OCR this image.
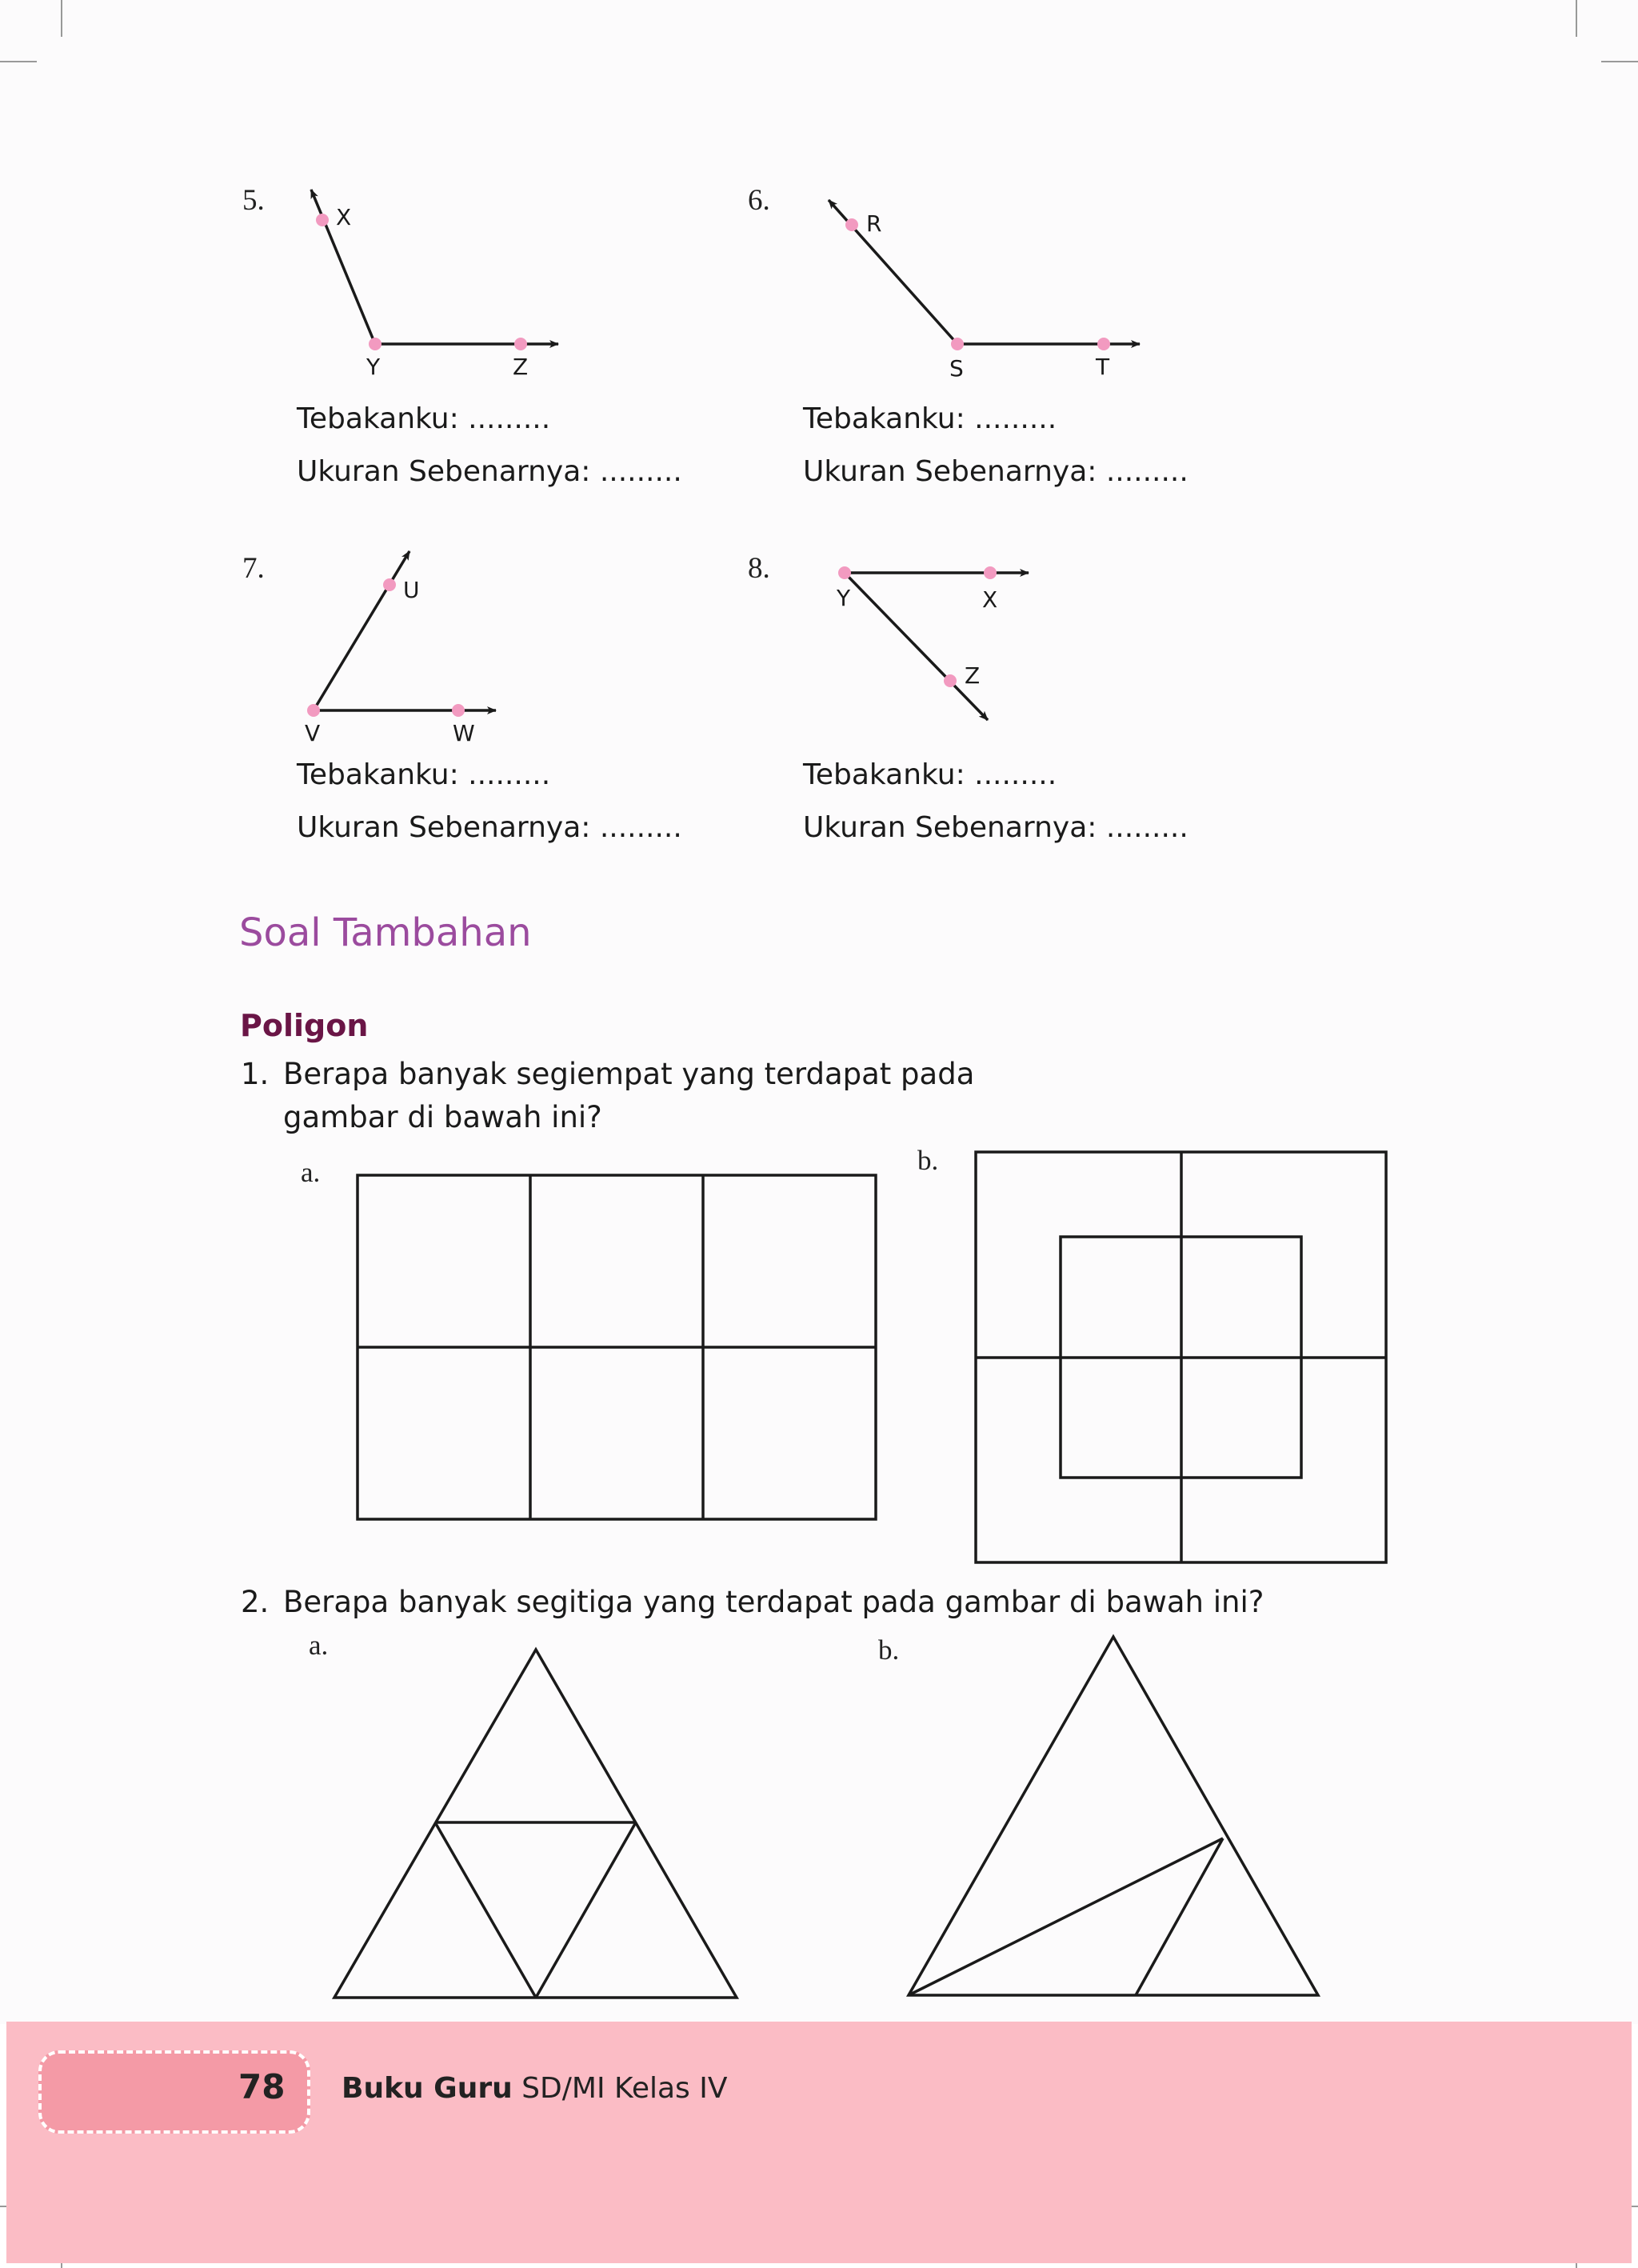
X
Y	Z
R
S	T
U
V	W
Y	X
Z
5.	6.
7.	8.
Tebakanku: .........
Ukuran Sebenarnya: .........
Tebakanku: .........
Ukuran Sebenarnya: .........
Tebakanku: .........
Ukuran Sebenarnya: .........
Tebakanku: .........
Ukuran Sebenarnya: .........
Soal Tambahan
Poligon
1. Berapa banyak segiempat yang terdapat pada
gambar di bawah ini?
a.	b.
2. Berapa banyak segitiga yang terdapat pada gambar di bawah ini?
a.	b.
78 Buku Guru SD/MI Kelas IV
